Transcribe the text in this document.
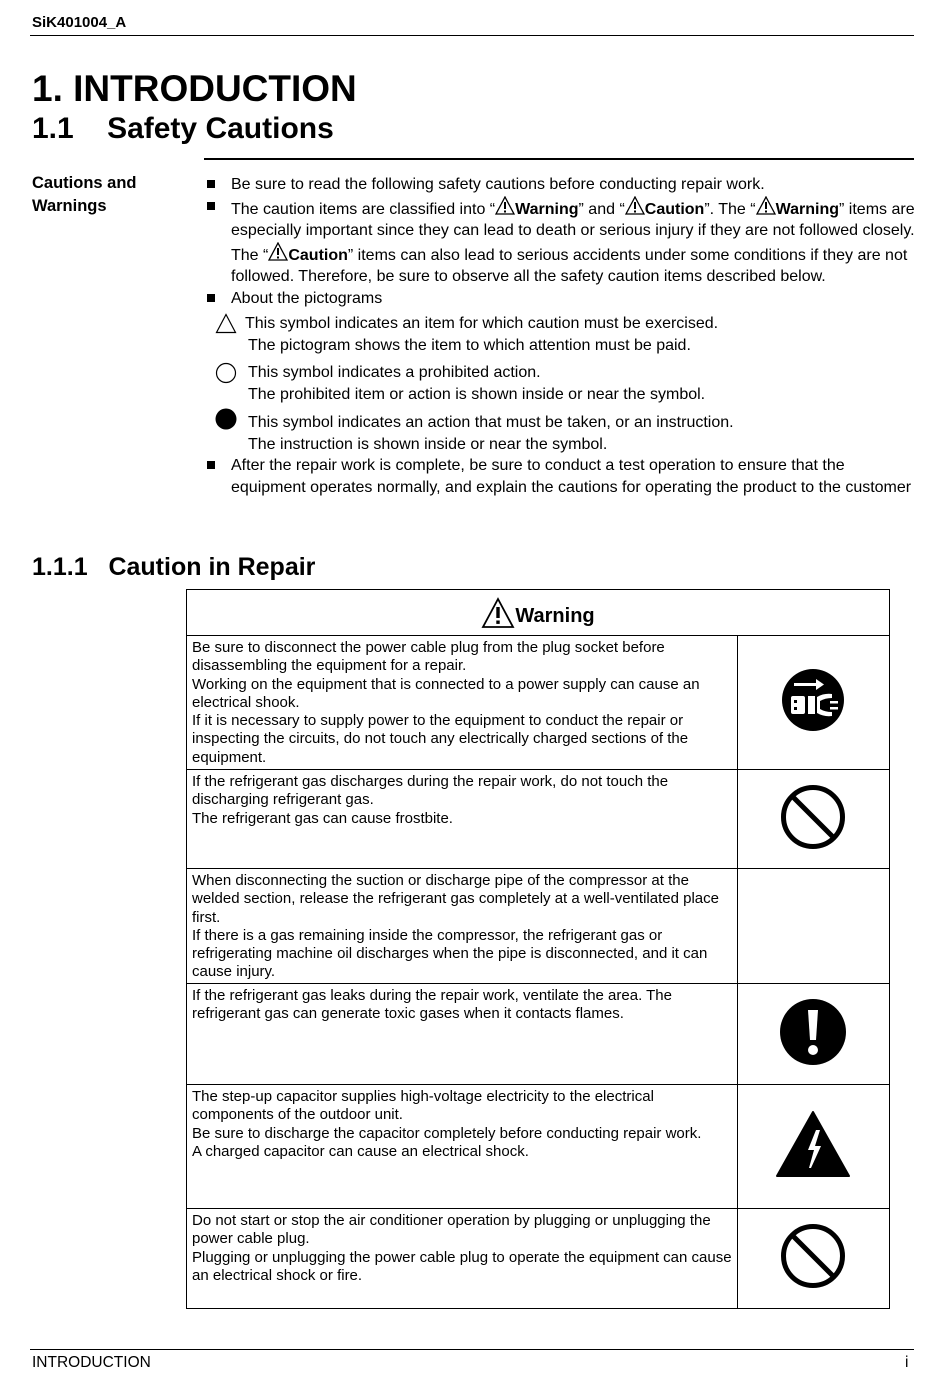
SiK401004_A
1. INTRODUCTION
1.1 Safety Cautions
Cautions and
Warnings

Be sure to read the following safety cautions before conducting repair work.

The caution items are classified into “ Warning” and “ Caution”. The “ Warning” items are especially important since they can lead to death or serious injury if they are not followed closely. The “ Caution” items can also lead to serious accidents under some conditions if they are not followed. Therefore, be sure to observe all the safety caution items described below.

About the pictograms

This symbol indicates an item for which caution must be exercised.

The pictogram shows the item to which attention must be paid.

This symbol indicates a prohibited action.

The prohibited item or action is shown inside or near the symbol.

This symbol indicates an action that must be taken, or an instruction.

The instruction is shown inside or near the symbol.

After the repair work is complete, be sure to conduct a test operation to ensure that the equipment operates normally, and explain the cautions for operating the product to the customer

1.1.1 Caution in Repair
Warning	

Be sure to disconnect the power cable plug from the plug socket before disassembling the equipment for a repair.

Working on the equipment that is connected to a power supply can cause an electrical shook.

If it is necessary to supply power to the equipment to conduct the repair or inspecting the circuits, do not touch any electrically charged sections of the equipment.

If the refrigerant gas discharges during the repair work, do not touch the discharging refrigerant gas.

The refrigerant gas can cause frostbite.

When disconnecting the suction or discharge pipe of the compressor at the welded section, release the refrigerant gas completely at a well-ventilated place first.

If there is a gas remaining inside the compressor, the refrigerant gas or refrigerating machine oil discharges when the pipe is disconnected, and it can cause injury.	

If the refrigerant gas leaks during the repair work, ventilate the area. The refrigerant gas can generate toxic gases when it contacts flames.

The step-up capacitor supplies high-voltage electricity to the electrical components of the outdoor unit.

Be sure to discharge the capacitor completely before conducting repair work.

A charged capacitor can cause an electrical shock.

Do not start or stop the air conditioner operation by plugging or unplugging the power cable plug.

Plugging or unplugging the power cable plug to operate the equipment can cause an electrical shock or fire.

INTRODUCTION	i
